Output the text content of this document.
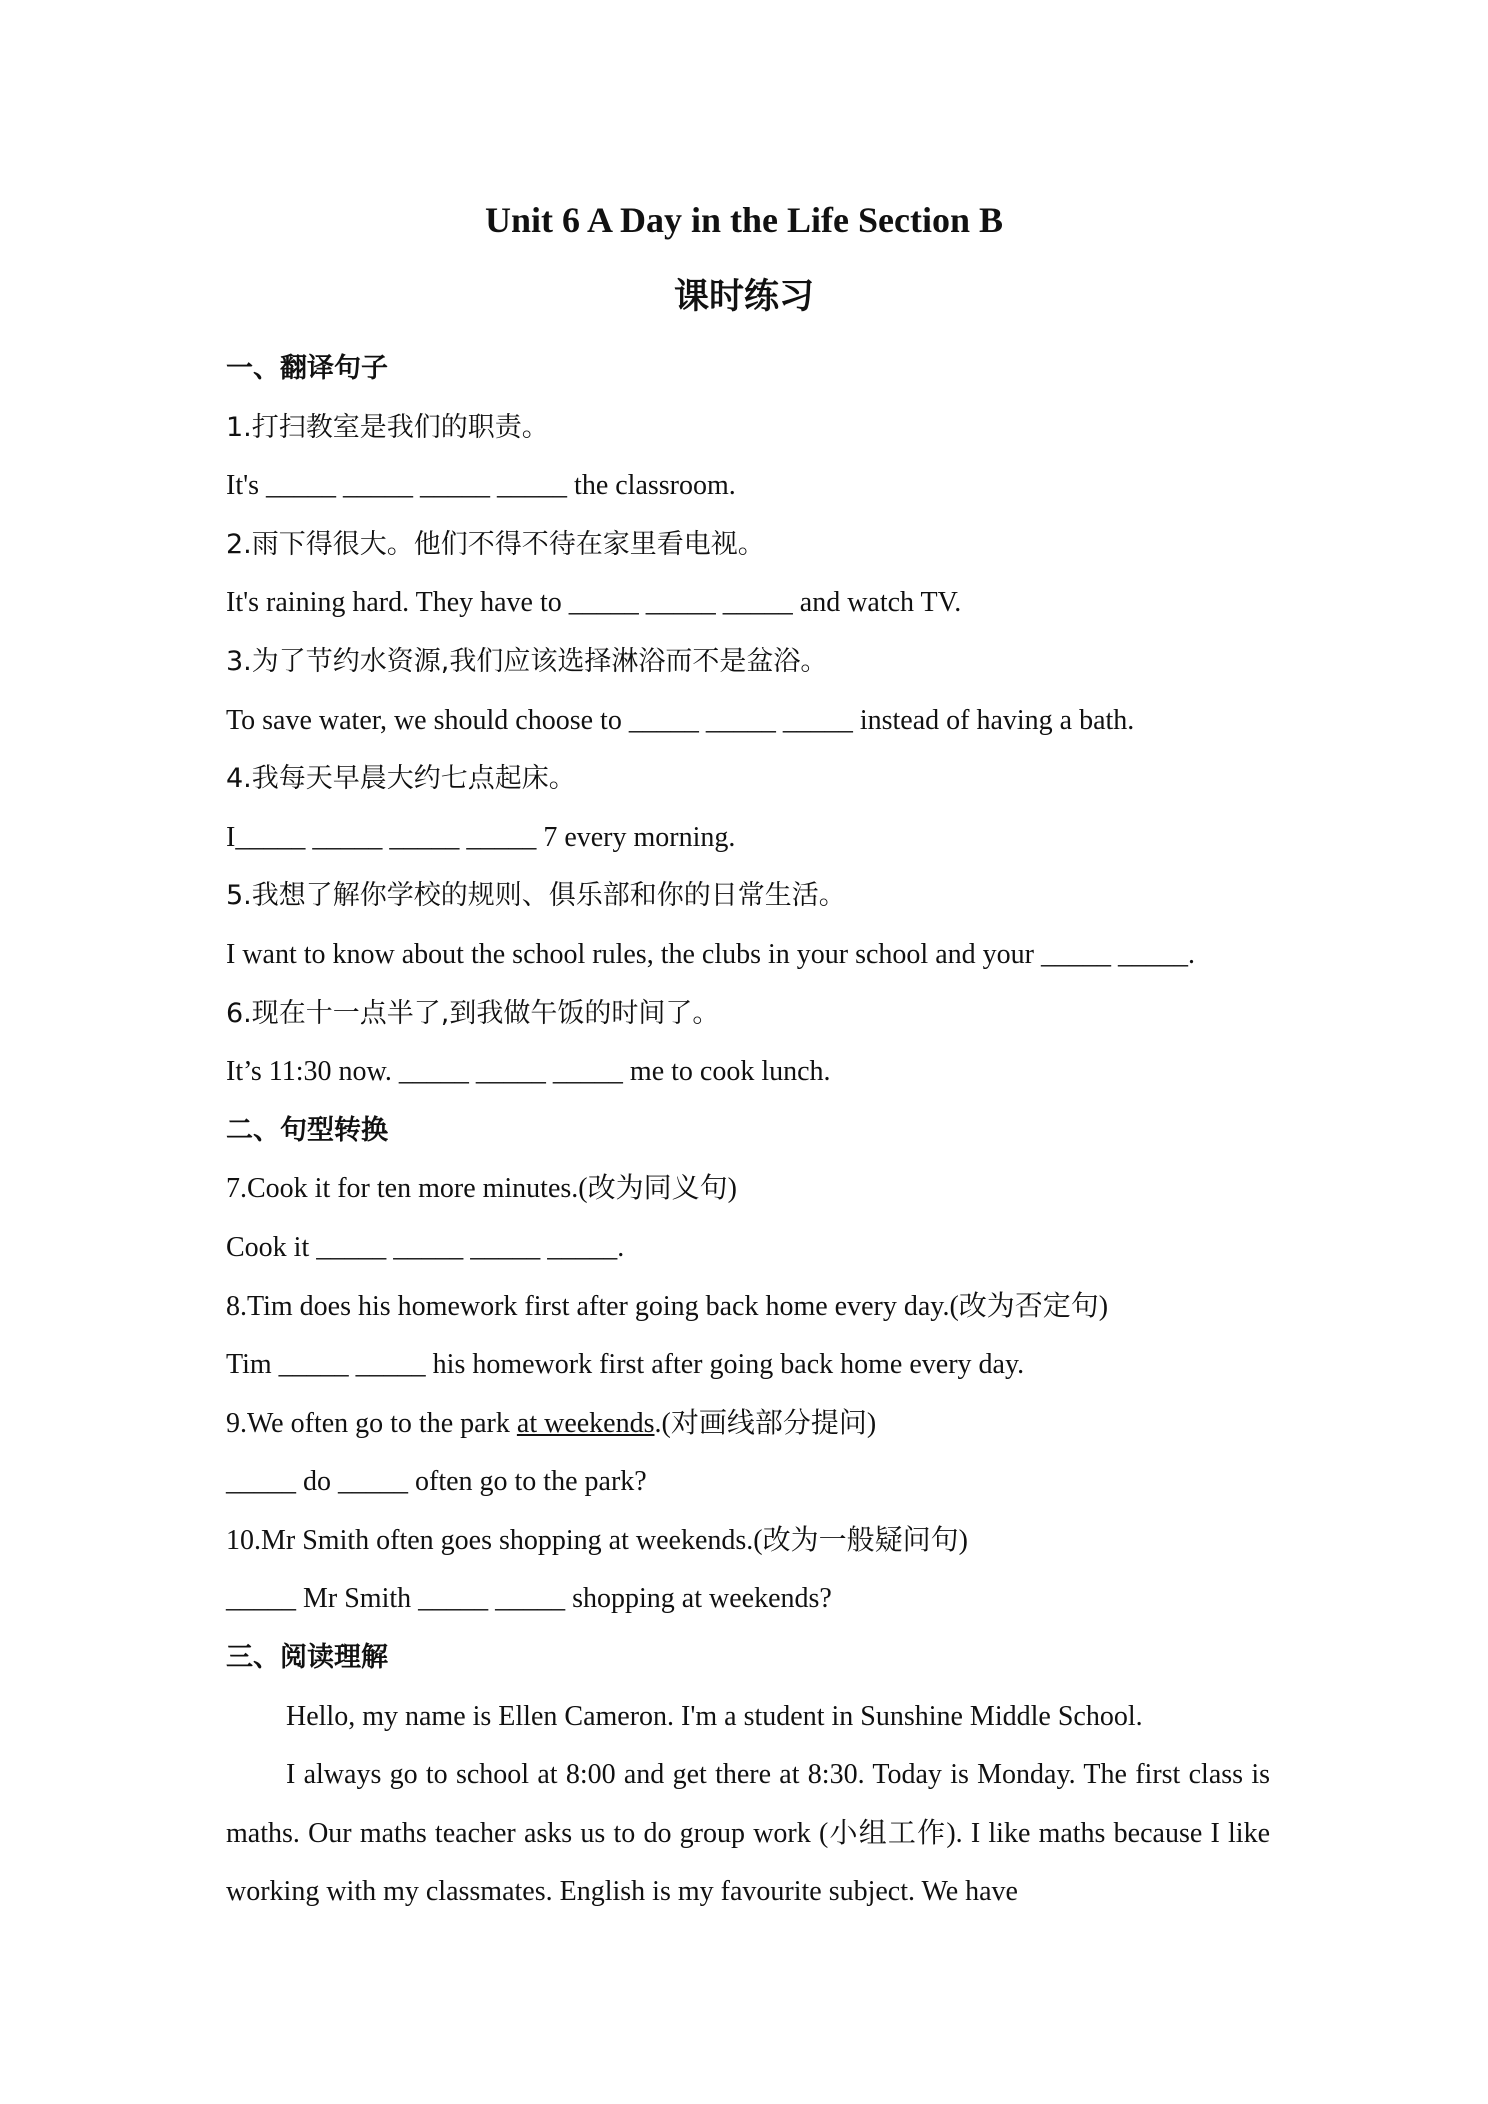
Unit 6 A Day in the Life Section B
课时练习
一、翻译句子
1.打扫教室是我们的职责。
It's _____ _____ _____ _____ the classroom.
2.雨下得很大。他们不得不待在家里看电视。
It's raining hard. They have to _____ _____ _____ and watch TV.
3.为了节约水资源,我们应该选择淋浴而不是盆浴。
To save water, we should choose to _____ _____ _____ instead of having a bath.
4.我每天早晨大约七点起床。
I_____ _____ _____ _____ 7 every morning.
5.我想了解你学校的规则、俱乐部和你的日常生活。
I want to know about the school rules, the clubs in your school and your _____ _____.
6.现在十一点半了,到我做午饭的时间了。
It’s 11:30 now. _____ _____ _____ me to cook lunch.
二、句型转换
7.Cook it for ten more minutes.(改为同义句)
Cook it _____ _____ _____ _____.
8.Tim does his homework first after going back home every day.(改为否定句)
Tim _____ _____ his homework first after going back home every day.
9.We often go to the park at weekends.(对画线部分提问)
_____ do _____ often go to the park?
10.Mr Smith often goes shopping at weekends.(改为一般疑问句)
_____ Mr Smith _____ _____ shopping at weekends?
三、阅读理解

Hello, my name is Ellen Cameron. I'm a student in Sunshine Middle School.

I always go to school at 8:00 and get there at 8:30. Today is Monday. The first class is maths. Our maths teacher asks us to do group work (小组工作). I like maths because I like working with my classmates. English is my favourite subject. We have
